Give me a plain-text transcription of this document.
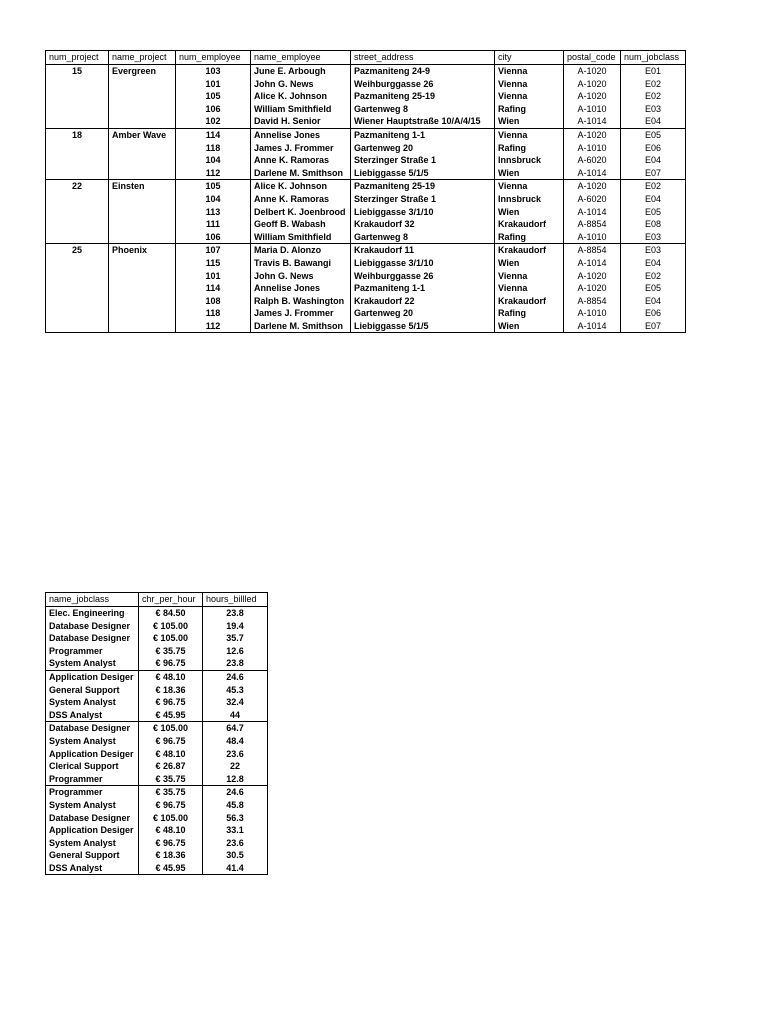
num_project	name_project	num_employee	name_employee	street_address	city	postal_code	num_jobclass
15	Evergreen	103	June E. Arbough	Pazmaniteng 24-9	Vienna	A-1020	E01
		101	John G. News	Weihburggasse 26	Vienna	A-1020	E02
		105	Alice K. Johnson	Pazmaniteng 25-19	Vienna	A-1020	E02
		106	William Smithfield	Gartenweg 8	Rafing	A-1010	E03
		102	David H. Senior	Wiener Hauptstraße 10/A/4/15	Wien	A-1014	E04
18	Amber Wave	114	Annelise Jones	Pazmaniteng 1-1	Vienna	A-1020	E05
		118	James J. Frommer	Gartenweg 20	Rafing	A-1010	E06
		104	Anne K. Ramoras	Sterzinger Straße 1	Innsbruck	A-6020	E04
		112	Darlene M. Smithson	Liebiggasse 5/1/5	Wien	A-1014	E07
22	Einsten	105	Alice K. Johnson	Pazmaniteng 25-19	Vienna	A-1020	E02
		104	Anne K. Ramoras	Sterzinger Straße 1	Innsbruck	A-6020	E04
		113	Delbert K. Joenbrood	Liebiggasse 3/1/10	Wien	A-1014	E05
		111	Geoff B. Wabash	Krakaudorf 32	Krakaudorf	A-8854	E08
		106	William Smithfield	Gartenweg 8	Rafing	A-1010	E03
25	Phoenix	107	Maria D. Alonzo	Krakaudorf 11	Krakaudorf	A-8854	E03
		115	Travis B. Bawangi	Liebiggasse 3/1/10	Wien	A-1014	E04
		101	John G. News	Weihburggasse 26	Vienna	A-1020	E02
		114	Annelise Jones	Pazmaniteng 1-1	Vienna	A-1020	E05
		108	Ralph B. Washington	Krakaudorf 22	Krakaudorf	A-8854	E04
		118	James J. Frommer	Gartenweg 20	Rafing	A-1010	E06
		112	Darlene M. Smithson	Liebiggasse 5/1/5	Wien	A-1014	E07
name_jobclass	chr_per_hour	hours_billled
Elec. Engineering	€ 84.50	23.8
Database Designer	€ 105.00	19.4
Database Designer	€ 105.00	35.7
Programmer	€ 35.75	12.6
System Analyst	€ 96.75	23.8
Application Desiger	€ 48.10	24.6
General Support	€ 18.36	45.3
System Analyst	€ 96.75	32.4
DSS Analyst	€ 45.95	44
Database Designer	€ 105.00	64.7
System Analyst	€ 96.75	48.4
Application Desiger	€ 48.10	23.6
Clerical Support	€ 26.87	22
Programmer	€ 35.75	12.8
Programmer	€ 35.75	24.6
System Analyst	€ 96.75	45.8
Database Designer	€ 105.00	56.3
Application Desiger	€ 48.10	33.1
System Analyst	€ 96.75	23.6
General Support	€ 18.36	30.5
DSS Analyst	€ 45.95	41.4
